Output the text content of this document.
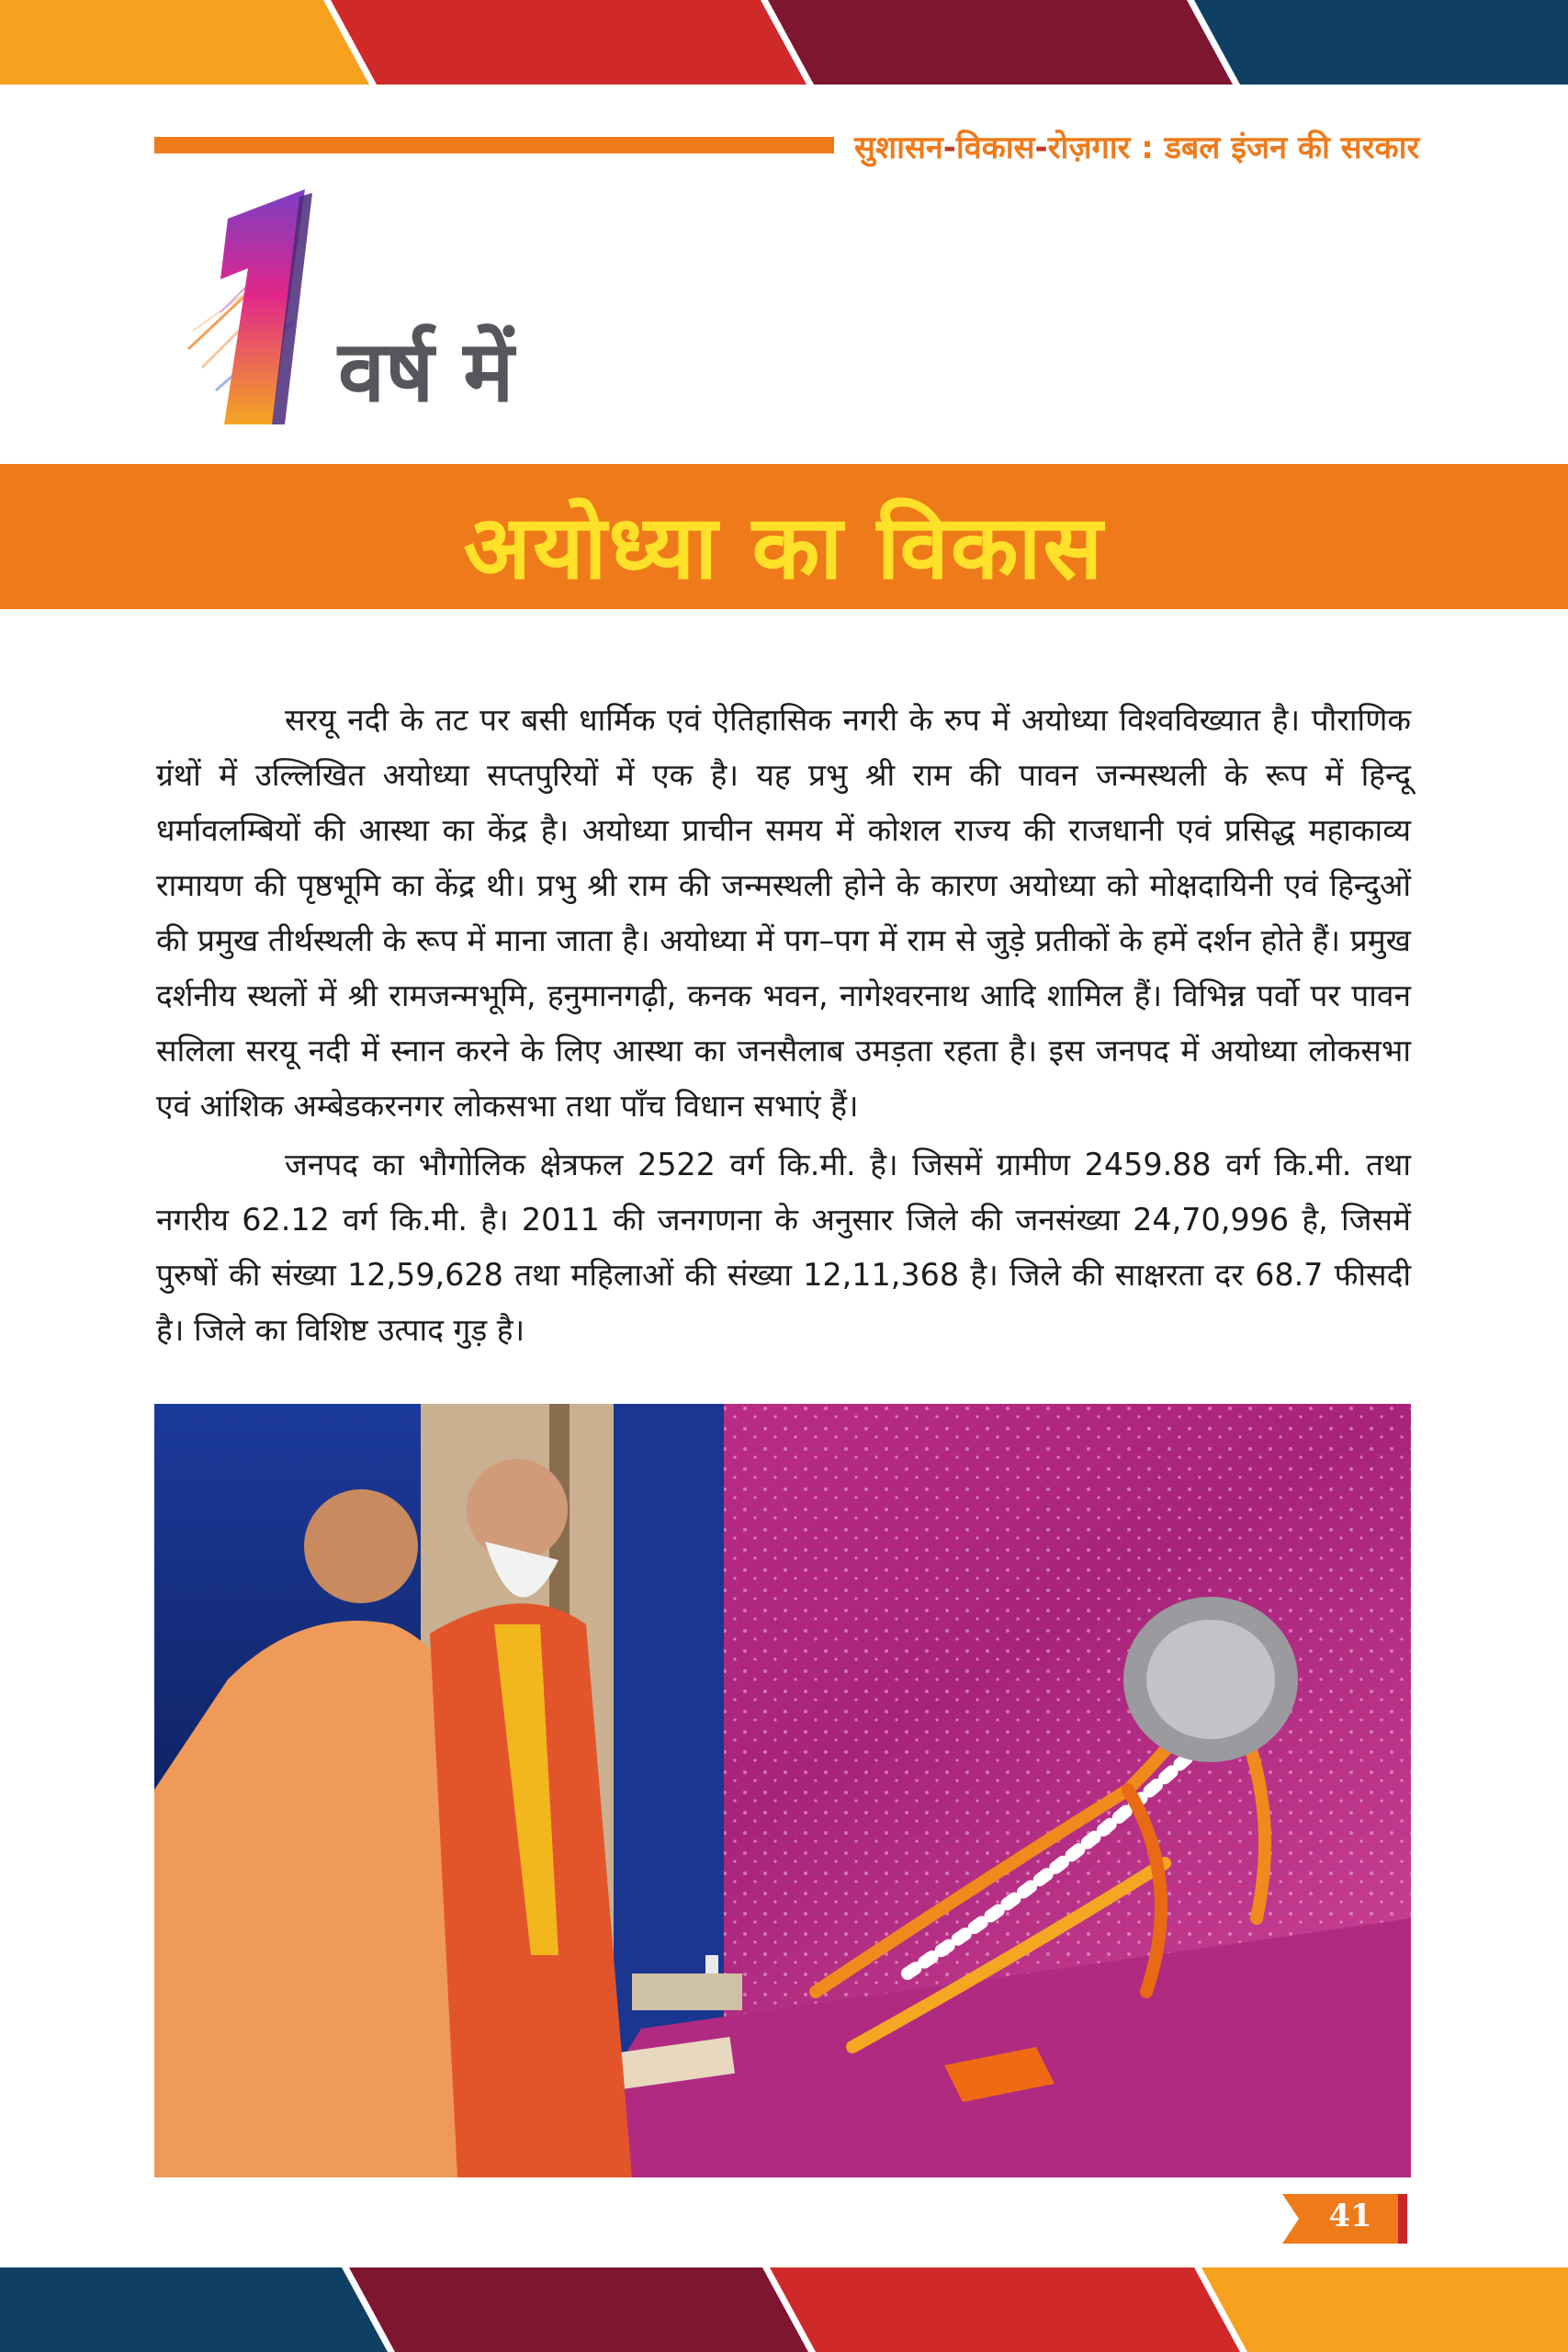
सुशासन-विकास-रोज़गार : डबल इंजन की सरकार
वर्ष में
अयोध्या का विकास

सरयू नदी के तट पर बसी धार्मिक एवं ऐतिहासिक नगरी के रुप में अयोध्या विश्वविख्यात है। पौराणिक ग्रंथों में उल्लिखित अयोध्या सप्तपुरियों में एक है। यह प्रभु श्री राम की पावन जन्मस्थली के रूप में हिन्दू धर्मावलम्बियों की आस्था का केंद्र है। अयोध्या प्राचीन समय में कोशल राज्य की राजधानी एवं प्रसिद्ध महाकाव्य रामायण की पृष्ठभूमि का केंद्र थी। प्रभु श्री राम की जन्मस्थली होने के कारण अयोध्या को मोक्षदायिनी एवं हिन्दुओं की प्रमुख तीर्थस्थली के रूप में माना जाता है। अयोध्या में पग–पग में राम से जुड़े प्रतीकों के हमें दर्शन होते हैं। प्रमुख दर्शनीय स्थलों में श्री रामजन्मभूमि, हनुमानगढ़ी, कनक भवन, नागेश्वरनाथ आदि शामिल हैं। विभिन्न पर्वो पर पावन सलिला सरयू नदी में स्नान करने के लिए आस्था का जनसैलाब उमड़ता रहता है। इस जनपद में अयोध्या लोकसभा एवं आंशिक अम्बेडकरनगर लोकसभा तथा पाँच विधान सभाएं हैं।

जनपद का भौगोलिक क्षेत्रफल 2522 वर्ग कि.मी. है। जिसमें ग्रामीण 2459.88 वर्ग कि.मी. तथा नगरीय 62.12 वर्ग कि.मी. है। 2011 की जनगणना के अनुसार जिले की जनसंख्या 24,70,996 है, जिसमें पुरुषों की संख्या 12,59,628 तथा महिलाओं की संख्या 12,11,368 है। जिले की साक्षरता दर 68.7 फीसदी है। जिले का विशिष्ट उत्पाद गुड़ है।

41
